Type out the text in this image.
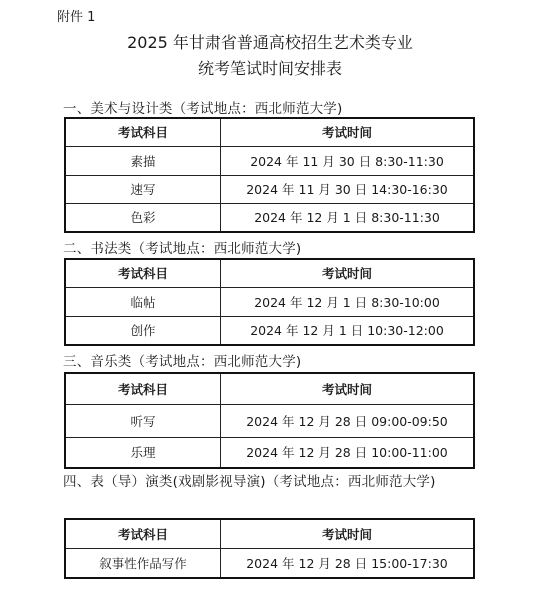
附件 1
2025 年甘肃省普通高校招生艺术类专业
统考笔试时间安排表
一、美术与设计类（考试地点：西北师范大学)
考试科目	考试时间
素描	2024 年 11 月 30 日 8:30-11:30
速写	2024 年 11 月 30 日 14:30-16:30
色彩	2024 年 12 月 1 日 8:30-11:30
二、书法类（考试地点：西北师范大学)
考试科目	考试时间
临帖	2024 年 12 月 1 日 8:30-10:00
创作	2024 年 12 月 1 日 10:30-12:00
三、音乐类（考试地点：西北师范大学)
考试科目	考试时间
听写	2024 年 12 月 28 日 09:00-09:50
乐理	2024 年 12 月 28 日 10:00-11:00
四、表（导）演类(戏剧影视导演)（考试地点：西北师范大学)
考试科目	考试时间
叙事性作品写作	2024 年 12 月 28 日 15:00-17:30
